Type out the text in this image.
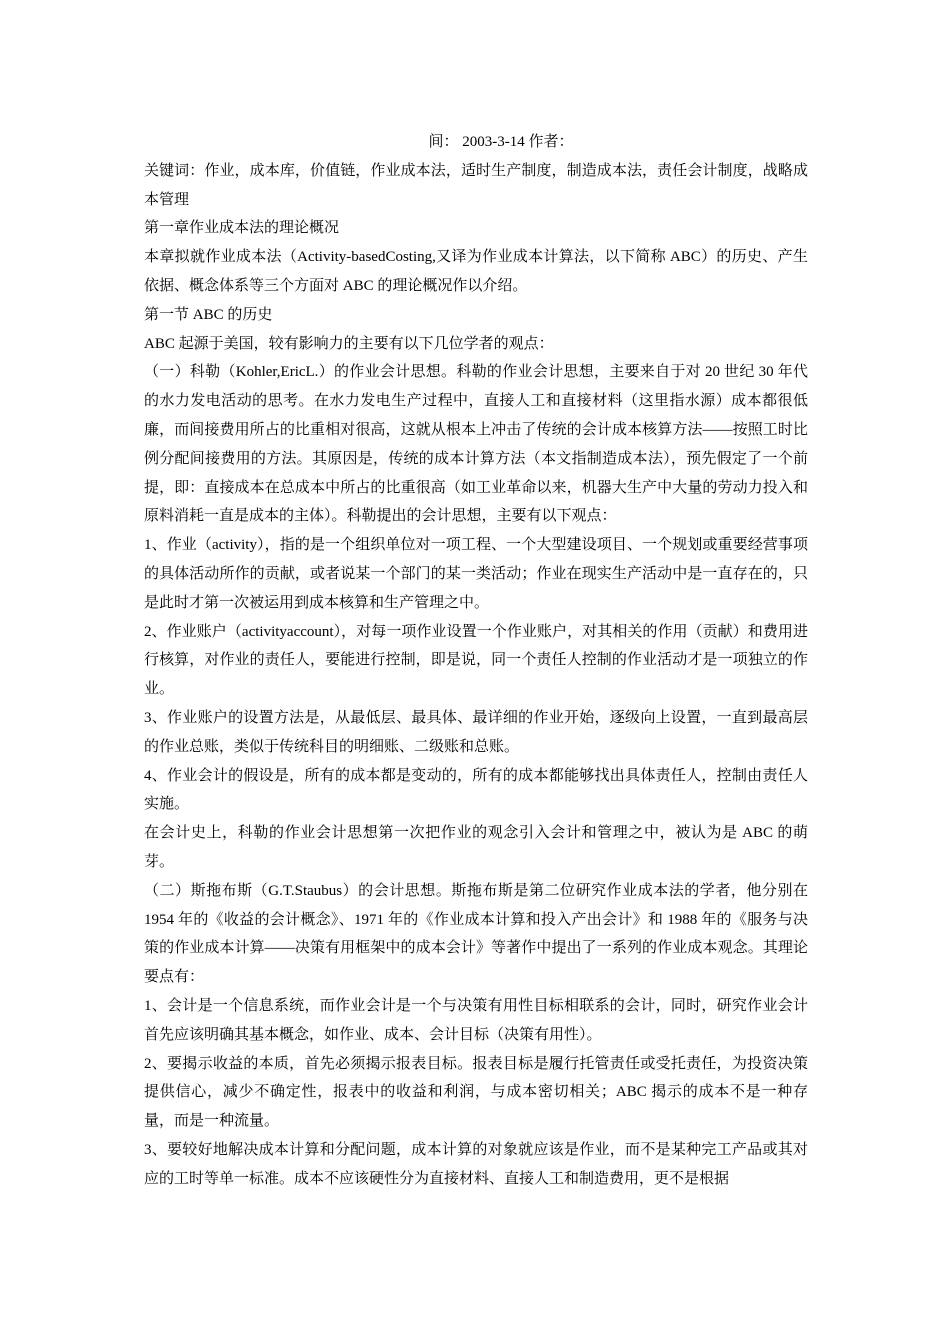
间： 2003-3-14 作者：

关键词：作业，成本库，价值链，作业成本法，适时生产制度，制造成本法，责任会计制度，战略成本管理

第一章作业成本法的理论概况

本章拟就作业成本法（Activity-basedCosting,又译为作业成本计算法，以下简称 ABC）的历史、产生依据、概念体系等三个方面对 ABC 的理论概况作以介绍。

第一节 ABC 的历史

ABC 起源于美国，较有影响力的主要有以下几位学者的观点：

（一）科勒（Kohler,EricL.）的作业会计思想。科勒的作业会计思想，主要来自于对 20 世纪 30 年代的水力发电活动的思考。在水力发电生产过程中，直接人工和直接材料（这里指水源）成本都很低廉，而间接费用所占的比重相对很高，这就从根本上冲击了传统的会计成本核算方法——按照工时比例分配间接费用的方法。其原因是，传统的成本计算方法（本文指制造成本法），预先假定了一个前提，即：直接成本在总成本中所占的比重很高（如工业革命以来，机器大生产中大量的劳动力投入和原料消耗一直是成本的主体）。科勒提出的会计思想，主要有以下观点：

1、作业（activity），指的是一个组织单位对一项工程、一个大型建设项目、一个规划或重要经营事项的具体活动所作的贡献，或者说某一个部门的某一类活动；作业在现实生产活动中是一直存在的，只是此时才第一次被运用到成本核算和生产管理之中。

2、作业账户（activityaccount），对每一项作业设置一个作业账户，对其相关的作用（贡献）和费用进行核算，对作业的责任人，要能进行控制，即是说，同一个责任人控制的作业活动才是一项独立的作业。

3、作业账户的设置方法是，从最低层、最具体、最详细的作业开始，逐级向上设置，一直到最高层的作业总账，类似于传统科目的明细账、二级账和总账。

4、作业会计的假设是，所有的成本都是变动的，所有的成本都能够找出具体责任人，控制由责任人实施。

在会计史上，科勒的作业会计思想第一次把作业的观念引入会计和管理之中，被认为是 ABC 的萌芽。

（二）斯拖布斯（G.T.Staubus）的会计思想。斯拖布斯是第二位研究作业成本法的学者，他分别在 1954 年的《收益的会计概念》、1971 年的《作业成本计算和投入产出会计》和 1988 年的《服务与决策的作业成本计算——决策有用框架中的成本会计》等著作中提出了一系列的作业成本观念。其理论要点有：

1、会计是一个信息系统，而作业会计是一个与决策有用性目标相联系的会计，同时，研究作业会计首先应该明确其基本概念，如作业、成本、会计目标（决策有用性）。

2、要揭示收益的本质，首先必须揭示报表目标。报表目标是履行托管责任或受托责任，为投资决策提供信心，减少不确定性，报表中的收益和利润，与成本密切相关；ABC 揭示的成本不是一种存量，而是一种流量。

3、要较好地解决成本计算和分配问题，成本计算的对象就应该是作业，而不是某种完工产品或其对应的工时等单一标准。成本不应该硬性分为直接材料、直接人工和制造费用，更不是根据
